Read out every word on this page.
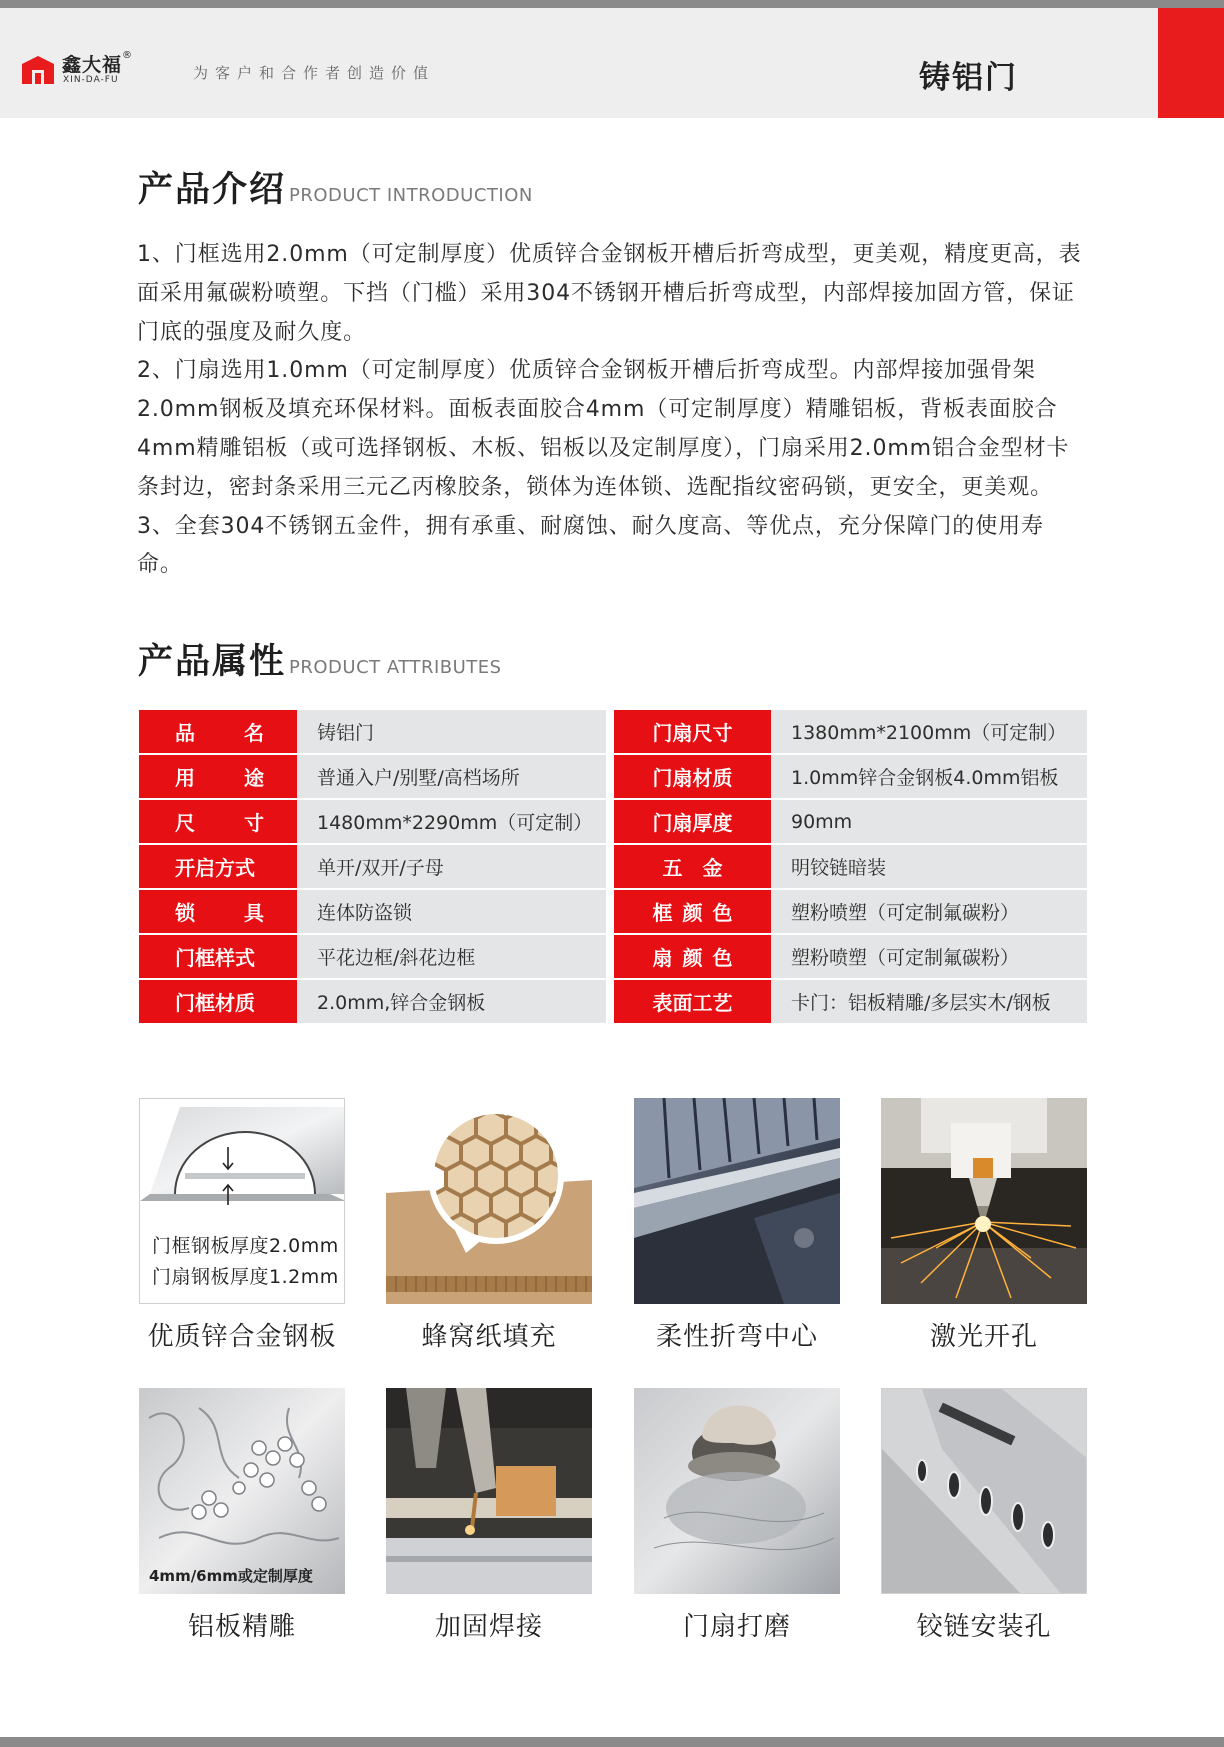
鑫大福®
XIN-DA-FU	为客户和合作者创造价值	铸铝门
产品介绍 PRODUCT INTRODUCTION

1、门框选用2.0mm（可定制厚度）优质锌合金钢板开槽后折弯成型，更美观，精度更高，表面采用氟碳粉喷塑。下挡（门槛）采用304不锈钢开槽后折弯成型，内部焊接加固方管，保证门底的强度及耐久度。

2、门扇选用1.0mm（可定制厚度）优质锌合金钢板开槽后折弯成型。内部焊接加强骨架2.0mm钢板及填充环保材料。面板表面胶合4mm（可定制厚度）精雕铝板，背板表面胶合4mm精雕铝板（或可选择钢板、木板、铝板以及定制厚度），门扇采用2.0mm铝合金型材卡条封边，密封条采用三元乙丙橡胶条，锁体为连体锁、选配指纹密码锁，更安全，更美观。

3、全套304不锈钢五金件，拥有承重、耐腐蚀、耐久度高、等优点，充分保障门的使用寿命。

产品属性 PRODUCT ATTRIBUTES
品 名	铸铝门	门扇尺寸	1380mm*2100mm（可定制）
用 途	普通入户/别墅/高档场所	门扇材质	1.0mm锌合金钢板4.0mm铝板
尺 寸	1480mm*2290mm（可定制）	门扇厚度	90mm
开启方式	单开/双开/子母	五　金	明铰链暗装
锁 具	连体防盗锁	框颜色	塑粉喷塑（可定制氟碳粉）
门框样式	平花边框/斜花边框	扇颜色	塑粉喷塑（可定制氟碳粉）
门框材质	2.0mm,锌合金钢板	表面工艺	卡门：铝板精雕/多层实木/钢板
门框钢板厚度2.0mm
门扇钢板厚度1.2mm
优质锌合金钢板	蜂窝纸填充	柔性折弯中心	激光开孔
4mm/6mm或定制厚度
铝板精雕	加固焊接	门扇打磨	铰链安装孔
